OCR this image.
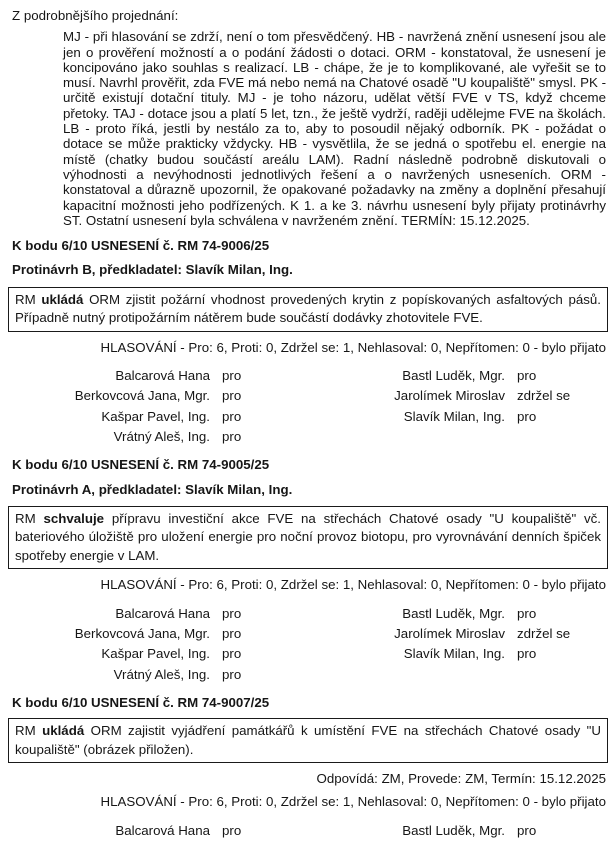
Z podrobnějšího projednání:
MJ - při hlasování se zdrží, není o tom přesvědčený. HB - navržená znění usnesení jsou ale jen o prověření možností a o podání žádosti o dotaci. ORM - konstatoval, že usnesení je koncipováno jako souhlas s realizací. LB - chápe, že je to komplikované, ale vyřešit se to musí. Navrhl prověřit, zda FVE má nebo nemá na Chatové osadě "U koupaliště" smysl. PK - určitě existují dotační tituly. MJ - je toho názoru, udělat větší FVE v TS, když chceme přetoky. TAJ - dotace jsou a platí 5 let, tzn., že ještě vydrží, raději udělejme FVE na školách. LB - proto říká, jestli by nestálo za to, aby to posoudil nějaký odborník. PK - požádat o dotace se může prakticky vždycky. HB - vysvětlila, že se jedná o spotřebu el. energie na místě (chatky budou součástí areálu LAM). Radní následně podrobně diskutovali o výhodnosti a nevýhodnosti jednotlivých řešení a o navržených usneseních. ORM - konstatoval a důrazně upozornil, že opakované požadavky na změny a doplnění přesahují kapacitní možnosti jeho podřízených. K 1. a ke 3. návrhu usnesení byly přijaty protinávrhy ST. Ostatní usnesení byla schválena v navrženém znění. TERMÍN: 15.12.2025.
K bodu 6/10 USNESENÍ č. RM 74-9006/25
Protinávrh B, předkladatel: Slavík Milan, Ing.
RM ukládá ORM zjistit požární vhodnost provedených krytin z popískovaných asfaltových pásů. Případně nutný protipožárním nátěrem bude součástí dodávky zhotovitele FVE.
HLASOVÁNÍ - Pro: 6, Proti: 0, Zdržel se: 1, Nehlasoval: 0, Nepřítomen: 0 - bylo přijato
Balcarová Hana pro	Bastl Luděk, Mgr. pro
Berkovcová Jana, Mgr. pro	Jarolímek Miroslav zdržel se
Kašpar Pavel, Ing. pro	Slavík Milan, Ing. pro
Vrátný Aleš, Ing. pro
K bodu 6/10 USNESENÍ č. RM 74-9005/25
Protinávrh A, předkladatel: Slavík Milan, Ing.
RM schvaluje přípravu investiční akce FVE na střechách Chatové osady "U koupaliště" vč. bateriového úložiště pro uložení energie pro noční provoz biotopu, pro vyrovnávání denních špiček spotřeby energie v LAM.
HLASOVÁNÍ - Pro: 6, Proti: 0, Zdržel se: 1, Nehlasoval: 0, Nepřítomen: 0 - bylo přijato
Balcarová Hana pro	Bastl Luděk, Mgr. pro
Berkovcová Jana, Mgr. pro	Jarolímek Miroslav zdržel se
Kašpar Pavel, Ing. pro	Slavík Milan, Ing. pro
Vrátný Aleš, Ing. pro
K bodu 6/10 USNESENÍ č. RM 74-9007/25
RM ukládá ORM zajistit vyjádření památkářů k umístění FVE na střechách Chatové osady "U koupaliště" (obrázek přiložen).
Odpovídá: ZM, Provede: ZM, Termín: 15.12.2025
HLASOVÁNÍ - Pro: 6, Proti: 0, Zdržel se: 1, Nehlasoval: 0, Nepřítomen: 0 - bylo přijato
Balcarová Hana pro	Bastl Luděk, Mgr. pro
